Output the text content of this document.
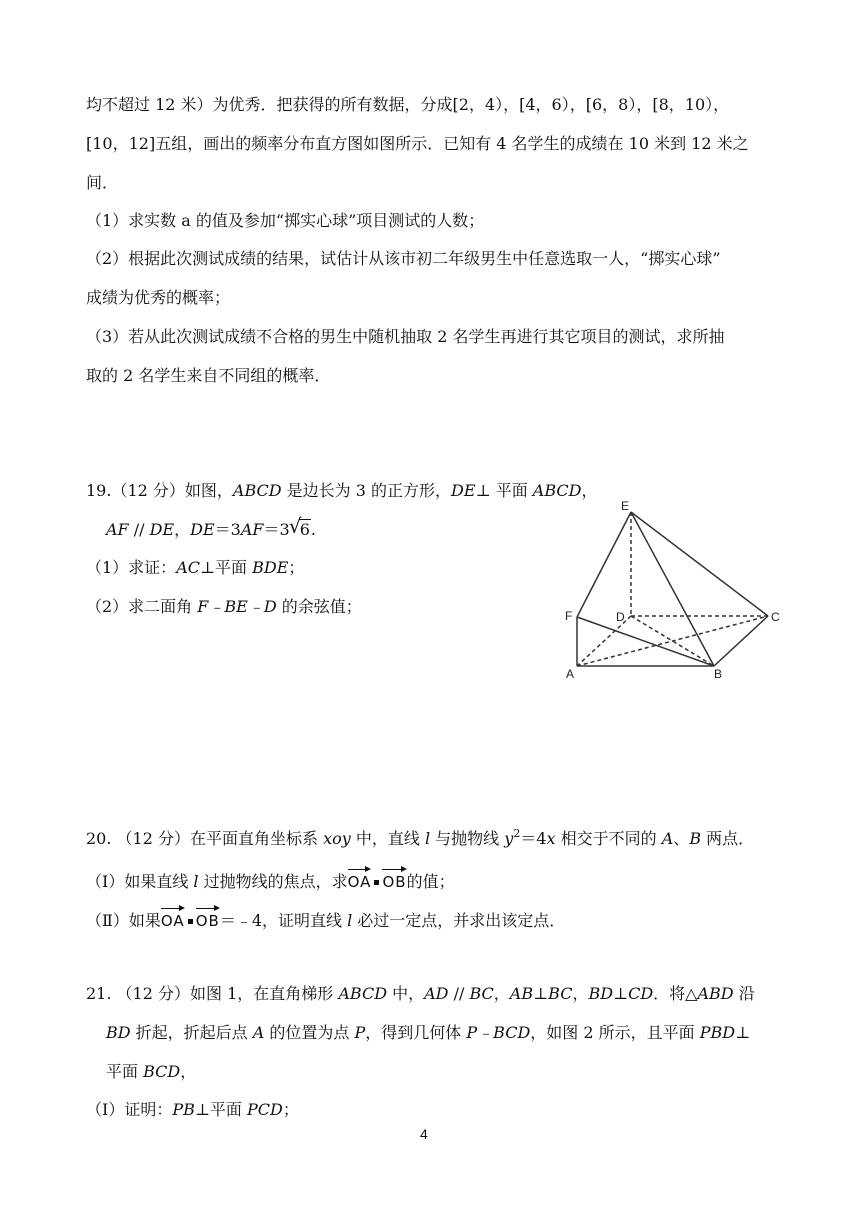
均不超过 12 米）为优秀．把获得的所有数据，分成[2，4），[4，6），[6，8），[8，10），
[10，12]五组，画出的频率分布直方图如图所示．已知有 4 名学生的成绩在 10 米到 12 米之
间．
（1）求实数 a 的值及参加“掷实心球”项目测试的人数；
（2）根据此次测试成绩的结果，试估计从该市初二年级男生中任意选取一人，“掷实心球”
成绩为优秀的概率；
（3）若从此次测试成绩不合格的男生中随机抽取 2 名学生再进行其它项目的测试，求所抽
取的 2 名学生来自不同组的概率．
19.（12 分）如图，ABCD 是边长为 3 的正方形，DE⊥ 平面 ABCD，
AF // DE，DE＝3AF＝3 √
6.
（1）求证：AC⊥平面 BDE；
（2）求二面角 F﹣BE﹣D 的余弦值；
E
F	D	C
A	B
20. （12 分）在平面直角坐标系 xoy 中，直线 l 与抛物线 $y^2=4x$ 相交于不同的 A、B 两点．
（Ⅰ）如果直线 l 过抛物线的焦点，求OA OB的值；
（Ⅱ）如果OA OB＝﹣4，证明直线 l 必过一定点，并求出该定点．
21. （12 分）如图 1，在直角梯形 ABCD 中，AD // BC，AB⊥BC，BD⊥CD．将△ABD 沿
BD 折起，折起后点 A 的位置为点 P，得到几何体 P﹣BCD，如图 2 所示，且平面 PBD⊥
平面 BCD，
（Ⅰ）证明：PB⊥平面 PCD；
4
